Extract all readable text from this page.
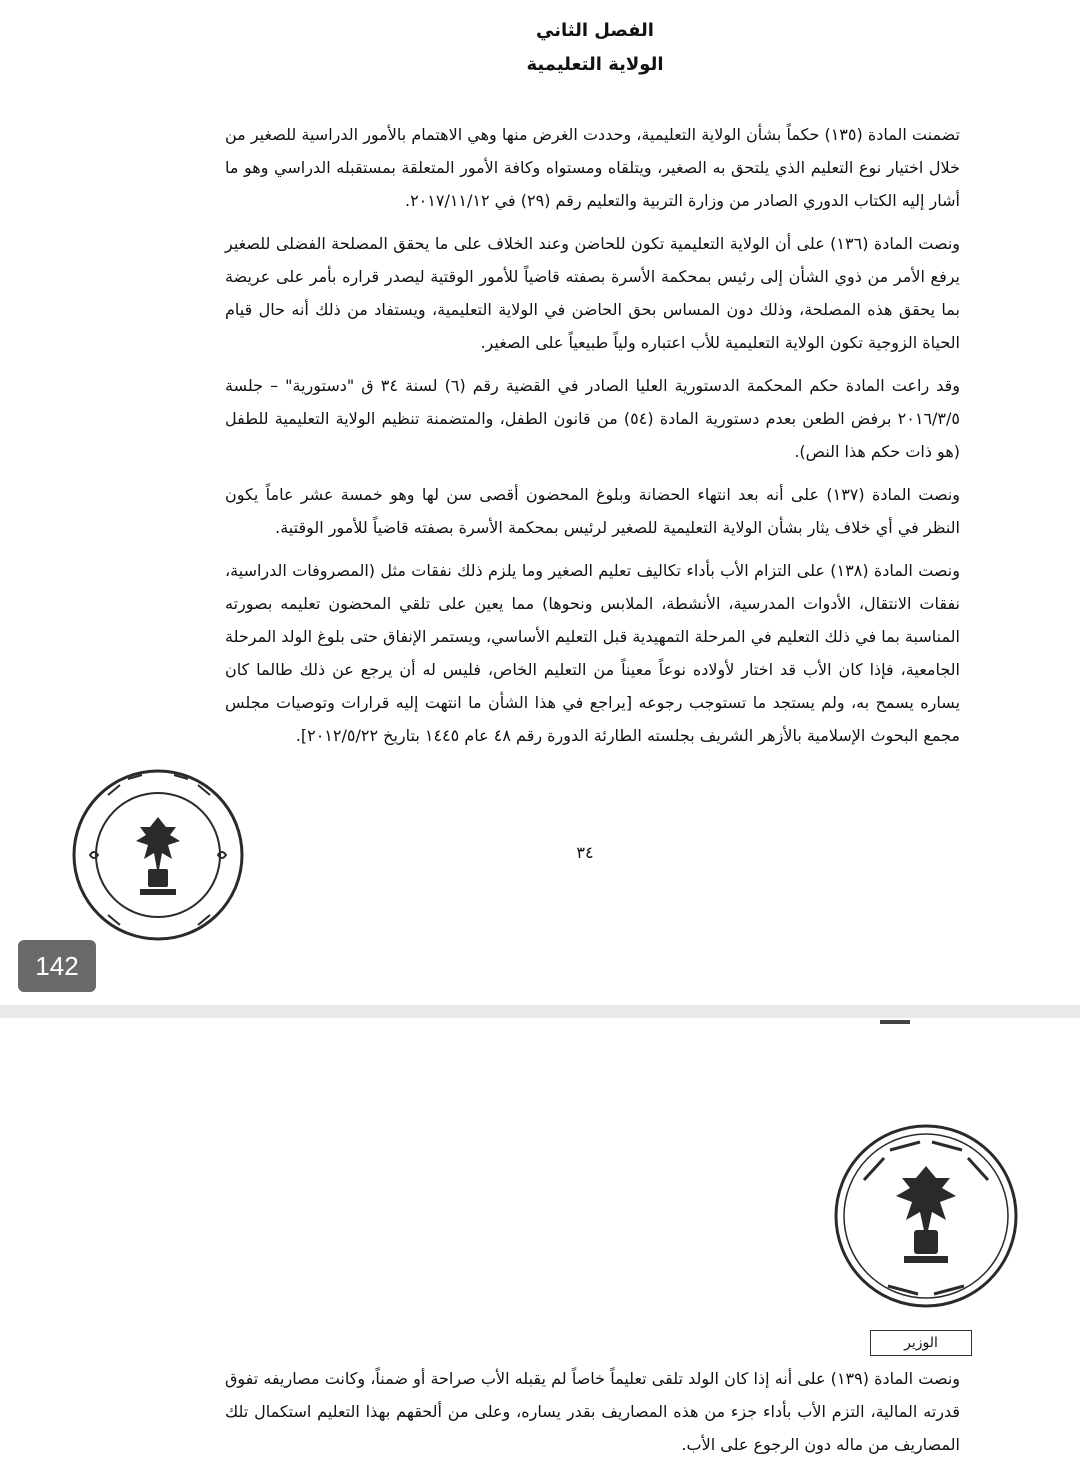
الفصل الثاني
الولاية التعليمية

تضمنت المادة (١٣٥) حكماً بشأن الولاية التعليمية، وحددت الغرض منها وهي الاهتمام بالأمور الدراسية للصغير من خلال اختيار نوع التعليم الذي يلتحق به الصغير، ويتلقاه ومستواه وكافة الأمور المتعلقة بمستقبله الدراسي وهو ما أشار إليه الكتاب الدوري الصادر من وزارة التربية والتعليم رقم (٢٩) في ٢٠١٧/١١/١٢.

ونصت المادة (١٣٦) على أن الولاية التعليمية تكون للحاضن وعند الخلاف على ما يحقق المصلحة الفضلى للصغير يرفع الأمر من ذوي الشأن إلى رئيس بمحكمة الأسرة بصفته قاضياً للأمور الوقتية ليصدر قراره بأمر على عريضة بما يحقق هذه المصلحة، وذلك دون المساس بحق الحاضن في الولاية التعليمية، ويستفاد من ذلك أنه حال قيام الحياة الزوجية تكون الولاية التعليمية للأب اعتباره ولياً طبيعياً على الصغير.

وقد راعت المادة حكم المحكمة الدستورية العليا الصادر في القضية رقم (٦) لسنة ٣٤ ق "دستورية" – جلسة ٢٠١٦/٣/٥ برفض الطعن بعدم دستورية المادة (٥٤) من قانون الطفل، والمتضمنة تنظيم الولاية التعليمية للطفل (هو ذات حكم هذا النص).

ونصت المادة (١٣٧) على أنه بعد انتهاء الحضانة وبلوغ المحضون أقصى سن لها وهو خمسة عشر عاماً يكون النظر في أي خلاف يثار بشأن الولاية التعليمية للصغير لرئيس بمحكمة الأسرة بصفته قاضياً للأمور الوقتية.

ونصت المادة (١٣٨) على التزام الأب بأداء تكاليف تعليم الصغير وما يلزم ذلك نفقات مثل (المصروفات الدراسية، نفقات الانتقال، الأدوات المدرسية، الأنشطة، الملابس ونحوها) مما يعين على تلقي المحضون تعليمه بصورته المناسبة بما في ذلك التعليم في المرحلة التمهيدية قبل التعليم الأساسي، ويستمر الإنفاق حتى بلوغ الولد المرحلة الجامعية، فإذا كان الأب قد اختار لأولاده نوعاً معيناً من التعليم الخاص، فليس له أن يرجع عن ذلك طالما كان يساره يسمح به، ولم يستجد ما تستوجب رجوعه [يراجع في هذا الشأن ما انتهت إليه قرارات وتوصيات مجلس مجمع البحوث الإسلامية بالأزهر الشريف بجلسته الطارئة الدورة رقم ٤٨ عام ١٤٤٥ بتاريخ ٢٠١٢/٥/٢٢].

٣٤
142
الوزير

ونصت المادة (١٣٩) على أنه إذا كان الولد تلقى تعليماً خاصاً لم يقبله الأب صراحة أو ضمناً، وكانت مصاريفه تفوق قدرته المالية، التزم الأب بأداء جزء من هذه المصاريف بقدر يساره، وعلى من ألحقهم بهذا التعليم استكمال تلك المصاريف من ماله دون الرجوع على الأب.
